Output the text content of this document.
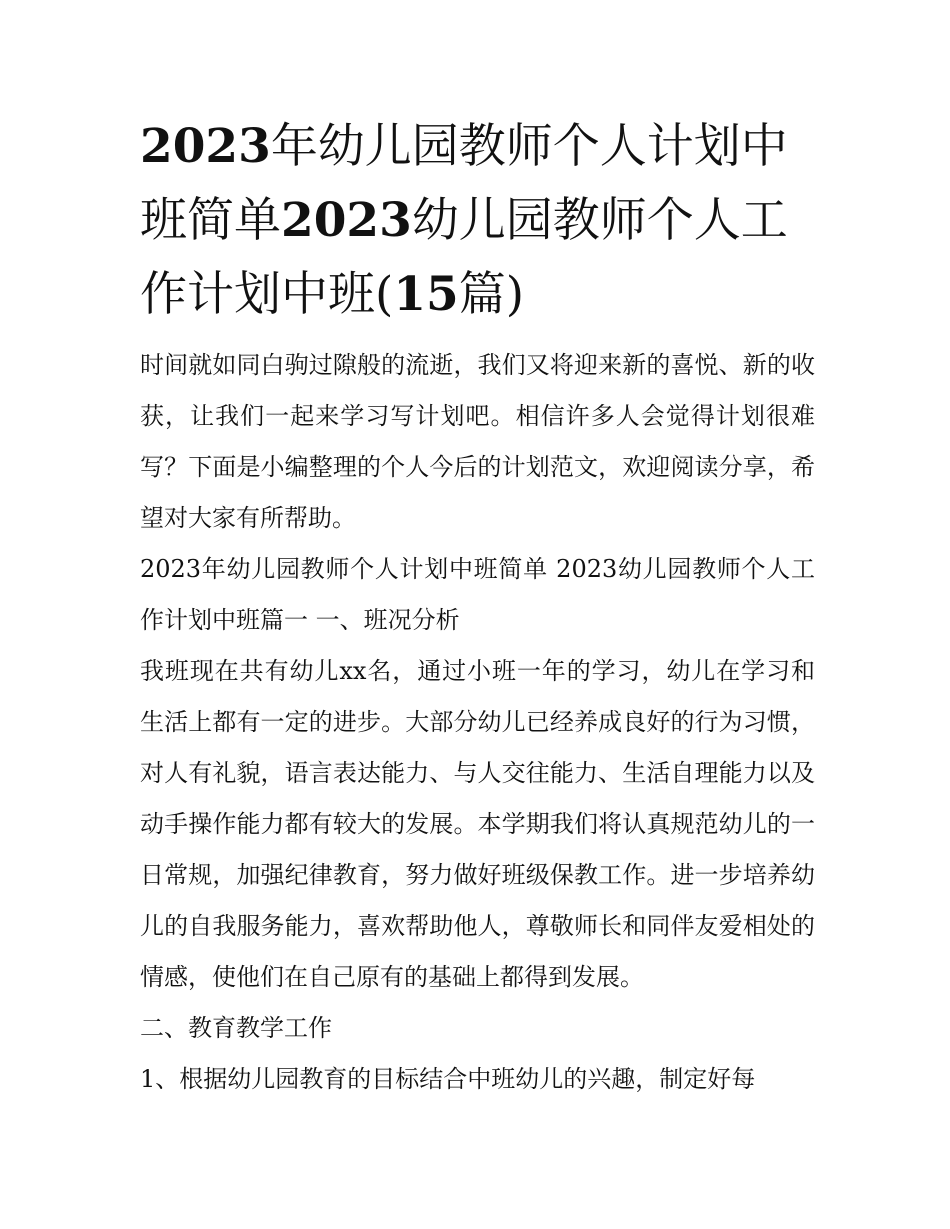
2023年幼儿园教师个人计划中班简单2023幼儿园教师个人工作计划中班(15篇)

时间就如同白驹过隙般的流逝，我们又将迎来新的喜悦、新的收获，让我们一起来学习写计划吧。相信许多人会觉得计划很难写？下面是小编整理的个人今后的计划范文，欢迎阅读分享，希望对大家有所帮助。

2023年幼儿园教师个人计划中班简单 2023幼儿园教师个人工作计划中班篇一 一、班况分析

我班现在共有幼儿xx名，通过小班一年的学习，幼儿在学习和生活上都有一定的进步。大部分幼儿已经养成良好的行为习惯，对人有礼貌，语言表达能力、与人交往能力、生活自理能力以及动手操作能力都有较大的发展。本学期我们将认真规范幼儿的一日常规，加强纪律教育，努力做好班级保教工作。进一步培养幼儿的自我服务能力，喜欢帮助他人，尊敬师长和同伴友爱相处的情感，使他们在自己原有的基础上都得到发展。

二、教育教学工作

1、根据幼儿园教育的目标结合中班幼儿的兴趣，制定好每
